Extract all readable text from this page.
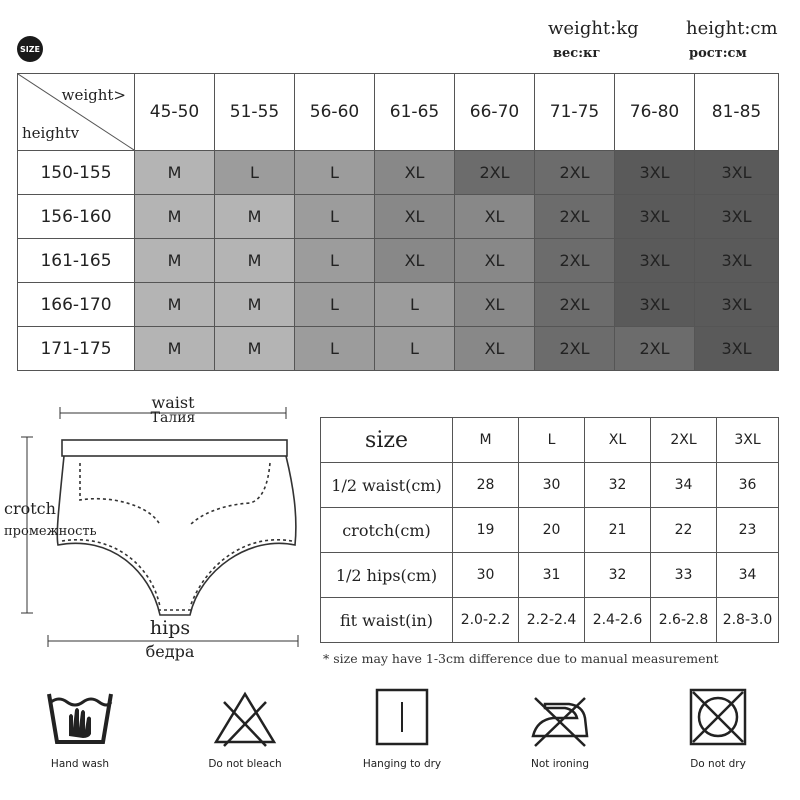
SIZE
weight:kg	height:cm
вес:кг	рост:см
weight>
heightv	45-50	51-55	56-60	61-65	66-70	71-75	76-80	81-85
150-155	M	L	L	XL	2XL	2XL	3XL	3XL
156-160	M	M	L	XL	XL	2XL	3XL	3XL
161-165	M	M	L	XL	XL	2XL	3XL	3XL
166-170	M	M	L	L	XL	2XL	3XL	3XL
171-175	M	M	L	L	XL	2XL	2XL	3XL
waist
Талия
crotch
промежность
hips
бедра
size	M	L	XL	2XL	3XL
1/2 waist(cm)	28	30	32	34	36
crotch(cm)	19	20	21	22	23
1/2 hips(cm)	30	31	32	33	34
fit waist(in)	2.0-2.2	2.2-2.4	2.4-2.6	2.6-2.8	2.8-3.0
* size may have 1-3cm difference due to manual measurement
Hand wash	Do not bleach	Hanging to dry	Not ironing	Do not dry
